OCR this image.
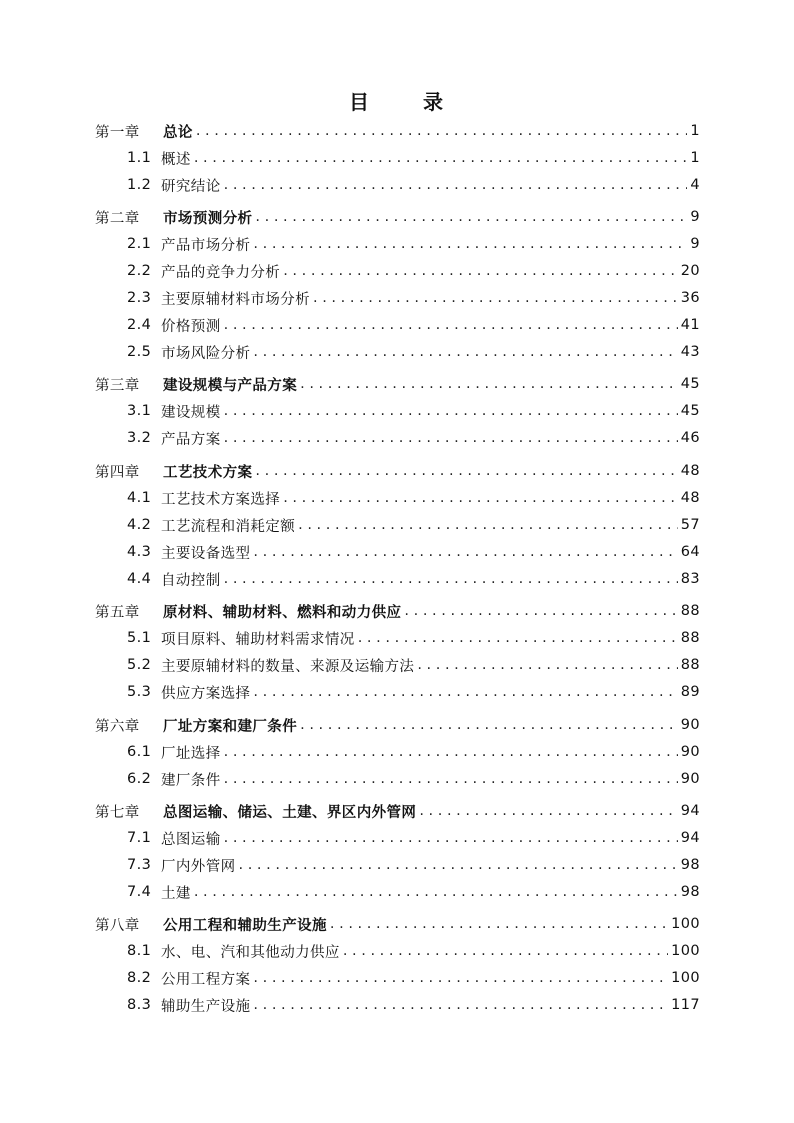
目	录
第一章	总论 . . .	1
1.1 概述 . . .	1
1.2 研究结论 . . .	4
第二章	市场预测分析 . . .	9
2.1 产品市场分析 . . .	9
2.2 产品的竞争力分析 . . .	20
2.3 主要原辅材料市场分析 . . .	36
2.4 价格预测 . . .	41
2.5 市场风险分析 . . .	43
第三章	建设规模与产品方案 . . .	45
3.1 建设规模 . . .	45
3.2 产品方案 . . .	46
第四章	工艺技术方案 . . .	48
4.1 工艺技术方案选择 . . .	48
4.2 工艺流程和消耗定额 . . .	57
4.3 主要设备选型 . . .	64
4.4 自动控制 . . .	83
第五章	原材料、辅助材料、燃料和动力供应 . . .	88
5.1 项目原料、辅助材料需求情况 . . .	88
5.2 主要原辅材料的数量、来源及运输方法 . . .	88
5.3 供应方案选择 . . .	89
第六章	厂址方案和建厂条件 . . .	90
6.1 厂址选择 . . .	90
6.2 建厂条件 . . .	90
第七章	总图运输、储运、土建、界区内外管网 . . .	94
7.1 总图运输 . . .	94
7.3 厂内外管网 . . .	98
7.4 土建 . . .	98
第八章	公用工程和辅助生产设施 . . .	100
8.1 水、电、汽和其他动力供应 . . .	100
8.2 公用工程方案 . . .	100
8.3 辅助生产设施 . . .	117
